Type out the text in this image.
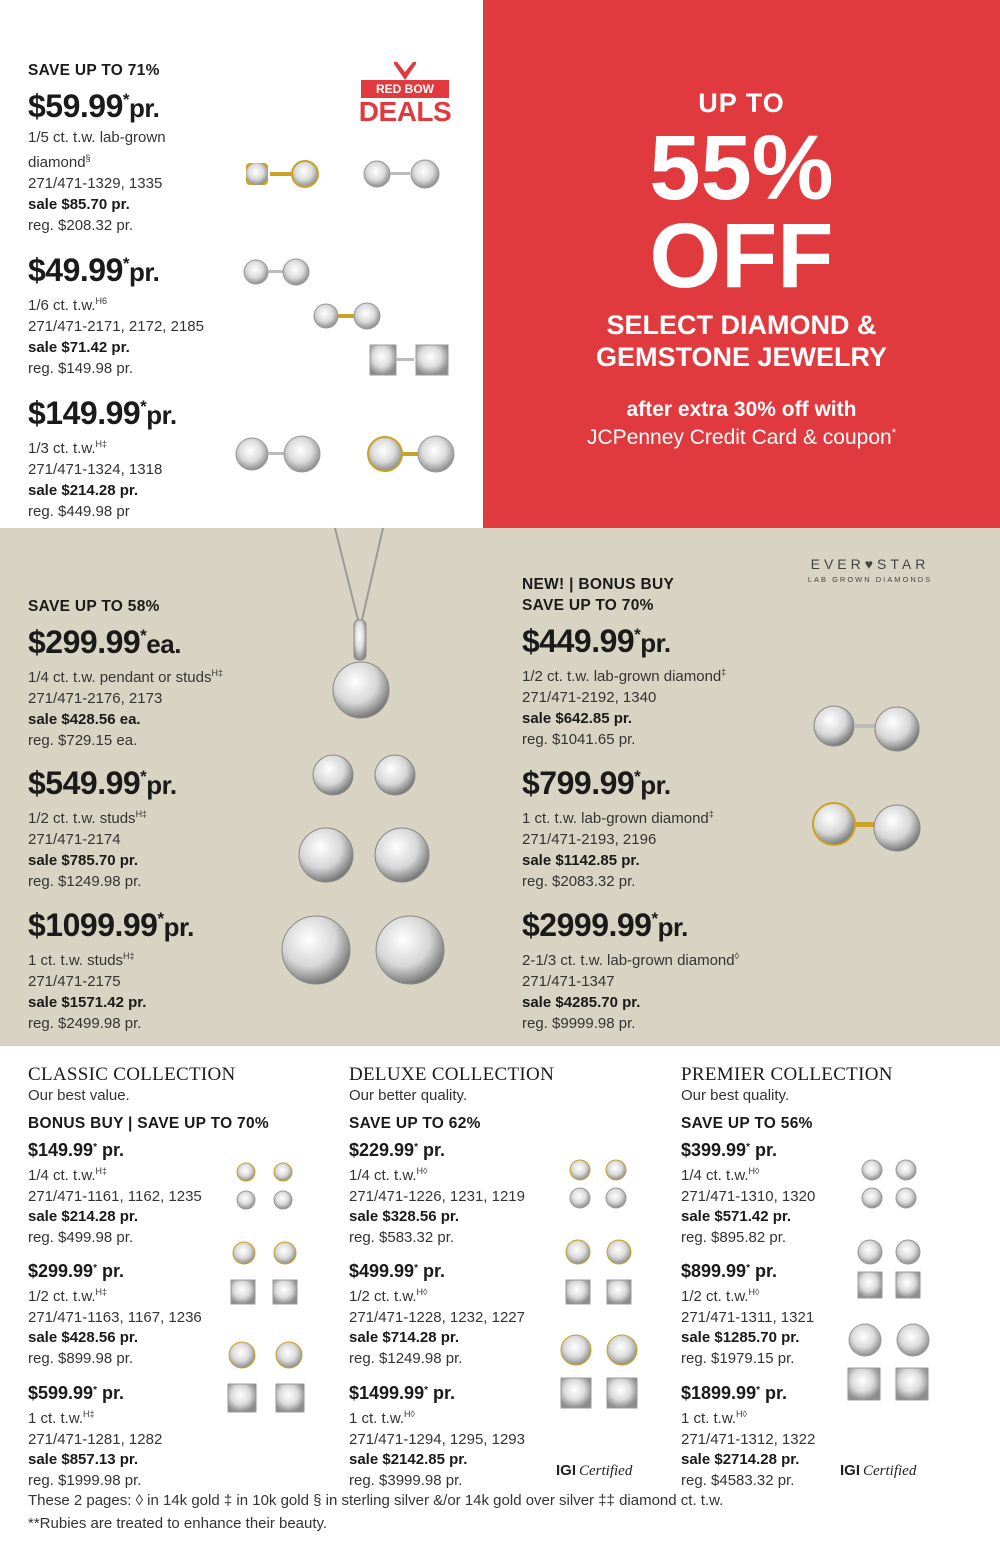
UP TO
55%
OFF
SELECT DIAMOND &
GEMSTONE JEWELRY
after extra 30% off with
JCPenney Credit Card & coupon*
RED BOW
DEALS
SAVE UP TO 71%
$59.99*pr.
1/5 ct. t.w. lab-grown
diamond§
271/471-1329, 1335
sale $85.70 pr.
reg. $208.32 pr.
$49.99*pr.
1/6 ct. t.w.$^{H6}$
271/471-2171, 2172, 2185
sale $71.42 pr.
reg. $149.98 pr.
$149.99*pr.
1/3 ct. t.w.$^{H\ddagger}$
271/471-1324, 1318
sale $214.28 pr.
reg. $449.98 pr
EVER♥STAR
LAB GROWN DIAMONDS
SAVE UP TO 58%
$299.99*ea.
1/4 ct. t.w. pendant or studs$^{H\ddagger}$
271/471-2176, 2173
sale $428.56 ea.
reg. $729.15 ea.
$549.99*pr.
1/2 ct. t.w. studs$^{H\ddagger}$
271/471-2174
sale $785.70 pr.
reg. $1249.98 pr.
$1099.99*pr.
1 ct. t.w. studs$^{H\ddagger}$
271/471-2175
sale $1571.42 pr.
reg. $2499.98 pr.
NEW! | BONUS BUY
SAVE UP TO 70%
$449.99*pr.
1/2 ct. t.w. lab-grown diamond‡
271/471-2192, 1340
sale $642.85 pr.
reg. $1041.65 pr.
$799.99*pr.
1 ct. t.w. lab-grown diamond‡
271/471-2193, 2196
sale $1142.85 pr.
reg. $2083.32 pr.
$2999.99*pr.
2-1/3 ct. t.w. lab-grown diamond◊
271/471-1347
sale $4285.70 pr.
reg. $9999.98 pr.
CLASSIC COLLECTION
Our best value.
BONUS BUY | SAVE UP TO 70%
$149.99* pr.
1/4 ct. t.w.$^{H\ddagger}$
271/471-1161, 1162, 1235
sale $214.28 pr.
reg. $499.98 pr.
$299.99* pr.
1/2 ct. t.w.$^{H\ddagger}$
271/471-1163, 1167, 1236
sale $428.56 pr.
reg. $899.98 pr.
$599.99* pr.
1 ct. t.w.$^{H\ddagger}$
271/471-1281, 1282
sale $857.13 pr.
reg. $1999.98 pr.
DELUXE COLLECTION
Our better quality.
SAVE UP TO 62%
$229.99* pr.
1/4 ct. t.w.$^{H◊}$
271/471-1226, 1231, 1219
sale $328.56 pr.
reg. $583.32 pr.
$499.99* pr.
1/2 ct. t.w.$^{H◊}$
271/471-1228, 1232, 1227
sale $714.28 pr.
reg. $1249.98 pr.
$1499.99* pr.
1 ct. t.w.$^{H◊}$
271/471-1294, 1295, 1293
sale $2142.85 pr.
reg. $3999.98 pr.
PREMIER COLLECTION
Our best quality.
SAVE UP TO 56%
$399.99* pr.
1/4 ct. t.w.$^{H◊}$
271/471-1310, 1320
sale $571.42 pr.
reg. $895.82 pr.
$899.99* pr.
1/2 ct. t.w.$^{H◊}$
271/471-1311, 1321
sale $1285.70 pr.
reg. $1979.15 pr.
$1899.99* pr.
1 ct. t.w.$^{H◊}$
271/471-1312, 1322
sale $2714.28 pr.
reg. $4583.32 pr.
IGI Certified	IGI Certified
These 2 pages: ◊ in 14k gold ‡ in 10k gold § in sterling silver &/or 14k gold over silver ‡‡ diamond ct. t.w.
**Rubies are treated to enhance their beauty.
